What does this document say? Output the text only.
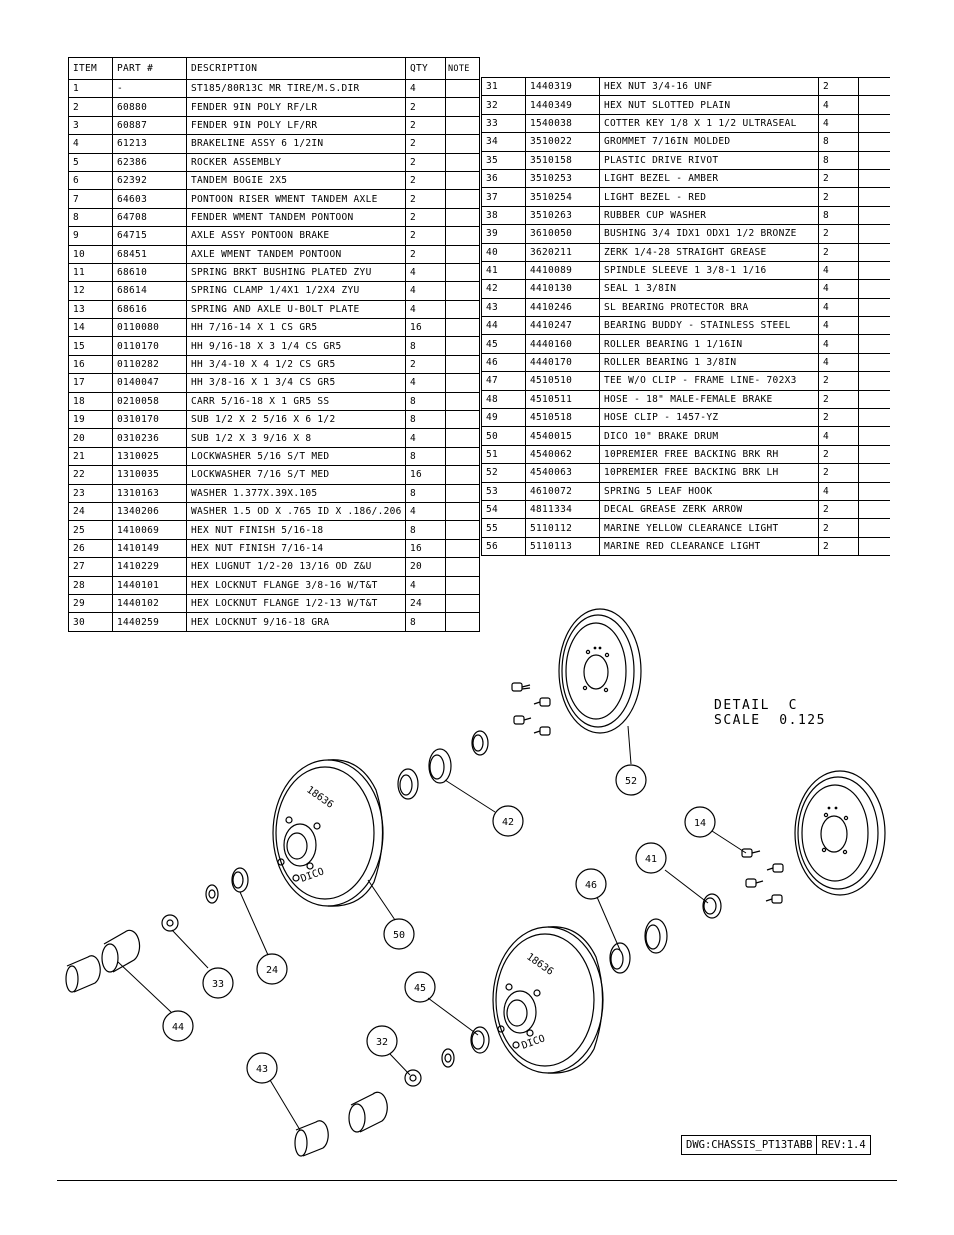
ITEM	PART #	DESCRIPTION	QTY	NOTE
1	-	ST185/80R13C MR TIRE/M.S.DIR	4	
2	60880	FENDER 9IN POLY RF/LR	2	
3	60887	FENDER 9IN POLY LF/RR	2	
4	61213	BRAKELINE ASSY 6 1/2IN	2	
5	62386	ROCKER ASSEMBLY	2	
6	62392	TANDEM BOGIE 2X5	2	
7	64603	PONTOON RISER WMENT TANDEM AXLE	2	
8	64708	FENDER WMENT TANDEM PONTOON	2	
9	64715	AXLE ASSY PONTOON BRAKE	2	
10	68451	AXLE WMENT TANDEM PONTOON	2	
11	68610	SPRING BRKT BUSHING PLATED ZYU	4	
12	68614	SPRING CLAMP 1/4X1 1/2X4 ZYU	4	
13	68616	SPRING AND AXLE U-BOLT PLATE	4	
14	0110080	HH 7/16-14 X 1 CS GR5	16	
15	0110170	HH 9/16-18 X 3 1/4 CS GR5	8	
16	0110282	HH 3/4-10 X 4 1/2 CS GR5	2	
17	0140047	HH 3/8-16 X 1 3/4 CS GR5	4	
18	0210058	CARR 5/16-18 X 1 GR5 SS	8	
19	0310170	SUB 1/2 X 2 5/16 X 6 1/2	8	
20	0310236	SUB 1/2 X 3 9/16 X 8	4	
21	1310025	LOCKWASHER 5/16 S/T MED	8	
22	1310035	LOCKWASHER 7/16 S/T MED	16	
23	1310163	WASHER 1.377X.39X.105	8	
24	1340206	WASHER 1.5 OD X .765 ID X .186/.206	4	
25	1410069	HEX NUT FINISH 5/16-18	8	
26	1410149	HEX NUT FINISH 7/16-14	16	
27	1410229	HEX LUGNUT 1/2-20 13/16 OD Z&U	20	
28	1440101	HEX LOCKNUT FLANGE 3/8-16 W/T&T	4	
29	1440102	HEX LOCKNUT FLANGE 1/2-13 W/T&T	24	
30	1440259	HEX LOCKNUT 9/16-18 GRA	8	
31	1440319	HEX NUT 3/4-16 UNF	2	
32	1440349	HEX NUT SLOTTED PLAIN	4	
33	1540038	COTTER KEY 1/8 X 1 1/2 ULTRASEAL	4	
34	3510022	GROMMET 7/16IN MOLDED	8	
35	3510158	PLASTIC DRIVE RIVOT	8	
36	3510253	LIGHT BEZEL - AMBER	2	
37	3510254	LIGHT BEZEL - RED	2	
38	3510263	RUBBER CUP WASHER	8	
39	3610050	BUSHING 3/4 IDX1 ODX1 1/2 BRONZE	2	
40	3620211	ZERK 1/4-28 STRAIGHT GREASE	2	
41	4410089	SPINDLE SLEEVE 1 3/8-1 1/16	4	
42	4410130	SEAL 1 3/8IN	4	
43	4410246	SL BEARING PROTECTOR BRA	4	
44	4410247	BEARING BUDDY - STAINLESS STEEL	4	
45	4440160	ROLLER BEARING 1 1/16IN	4	
46	4440170	ROLLER BEARING 1 3/8IN	4	
47	4510510	TEE W/O CLIP - FRAME LINE- 702X3	2	
48	4510511	HOSE - 18" MALE-FEMALE BRAKE	2	
49	4510518	HOSE CLIP - 1457-YZ	2	
50	4540015	DICO 10" BRAKE DRUM	4	
51	4540062	10PREMIER FREE BACKING BRK RH	2	
52	4540063	10PREMIER FREE BACKING BRK LH	2	
53	4610072	SPRING 5 LEAF HOOK	4	
54	4811334	DECAL GREASE ZERK ARROW	2	
55	5110112	MARINE YELLOW CLEARANCE LIGHT	2	
56	5110113	MARINE RED CLEARANCE LIGHT	2	
18636
DICO
18636
DICO
52
42	14
41
46
50
24
33
44
45
32
43
DETAIL  C
SCALE  0.125
DWG:CHASSIS_PT13TABB REV:1.4
